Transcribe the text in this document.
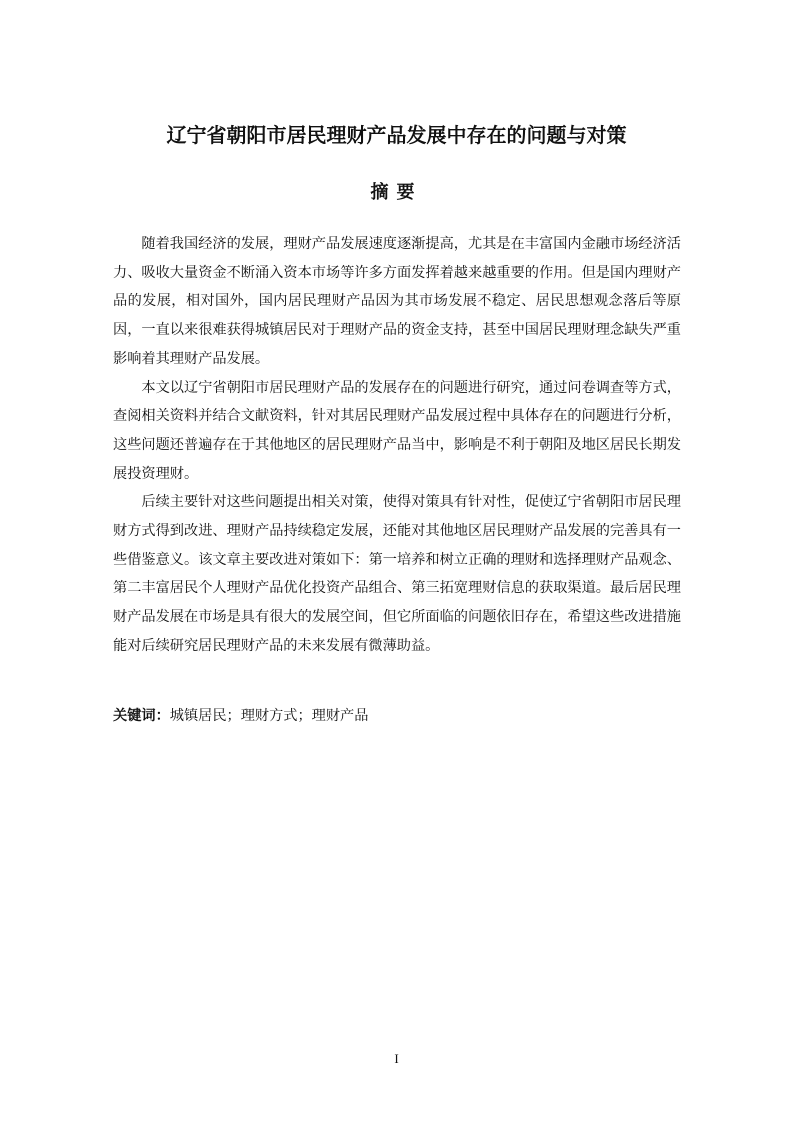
辽宁省朝阳市居民理财产品发展中存在的问题与对策
摘要

随着我国经济的发展，理财产品发展速度逐渐提高，尤其是在丰富国内金融市场经济活力、吸收大量资金不断涌入资本市场等许多方面发挥着越来越重要的作用。但是国内理财产品的发展，相对国外，国内居民理财产品因为其市场发展不稳定、居民思想观念落后等原因，一直以来很难获得城镇居民对于理财产品的资金支持，甚至中国居民理财理念缺失严重影响着其理财产品发展。

本文以辽宁省朝阳市居民理财产品的发展存在的问题进行研究，通过问卷调查等方式，查阅相关资料并结合文献资料，针对其居民理财产品发展过程中具体存在的问题进行分析，这些问题还普遍存在于其他地区的居民理财产品当中，影响是不利于朝阳及地区居民长期发展投资理财。

后续主要针对这些问题提出相关对策，使得对策具有针对性，促使辽宁省朝阳市居民理财方式得到改进、理财产品持续稳定发展，还能对其他地区居民理财产品发展的完善具有一些借鉴意义。该文章主要改进对策如下：第一培养和树立正确的理财和选择理财产品观念、第二丰富居民个人理财产品优化投资产品组合、第三拓宽理财信息的获取渠道。最后居民理财产品发展在市场是具有很大的发展空间，但它所面临的问题依旧存在，希望这些改进措施能对后续研究居民理财产品的未来发展有微薄助益。

关键词：城镇居民；理财方式；理财产品
I
